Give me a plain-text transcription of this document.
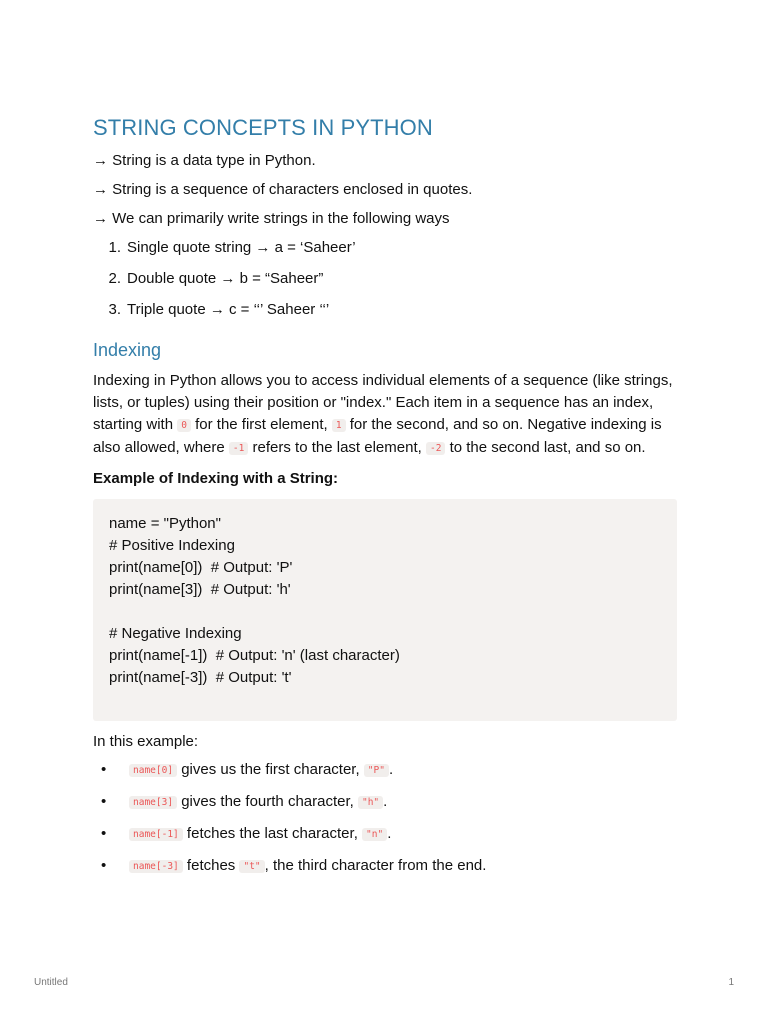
STRING CONCEPTS IN PYTHON

→ String is a data type in Python.

→ String is a sequence of characters enclosed in quotes.

→ We can primarily write strings in the following ways

1. Single quote string → a = ‘Saheer’
2. Double quote → b = “Saheer”
3. Triple quote → c = ‘‘’ Saheer ‘‘’
Indexing

Indexing in Python allows you to access individual elements of a sequence (like strings, lists, or tuples) using their position or "index." Each item in a sequence has an index, starting with 0 for the first element, 1 for the second, and so on. Negative indexing is also allowed, where -1 refers to the last element, -2 to the second last, and so on.

Example of Indexing with a String:

name = "Python"
# Positive Indexing
print(name[0])  # Output: 'P'
print(name[3])  # Output: 'h'

# Negative Indexing
print(name[-1])  # Output: 'n' (last character)
print(name[-3])  # Output: 't'

In this example:

•	name[0] gives us the first character, "P" .
•	name[3] gives the fourth character, "h" .
•	name[-1] fetches the last character, "n" .
•	name[-3] fetches "t" , the third character from the end.
Untitled	1
